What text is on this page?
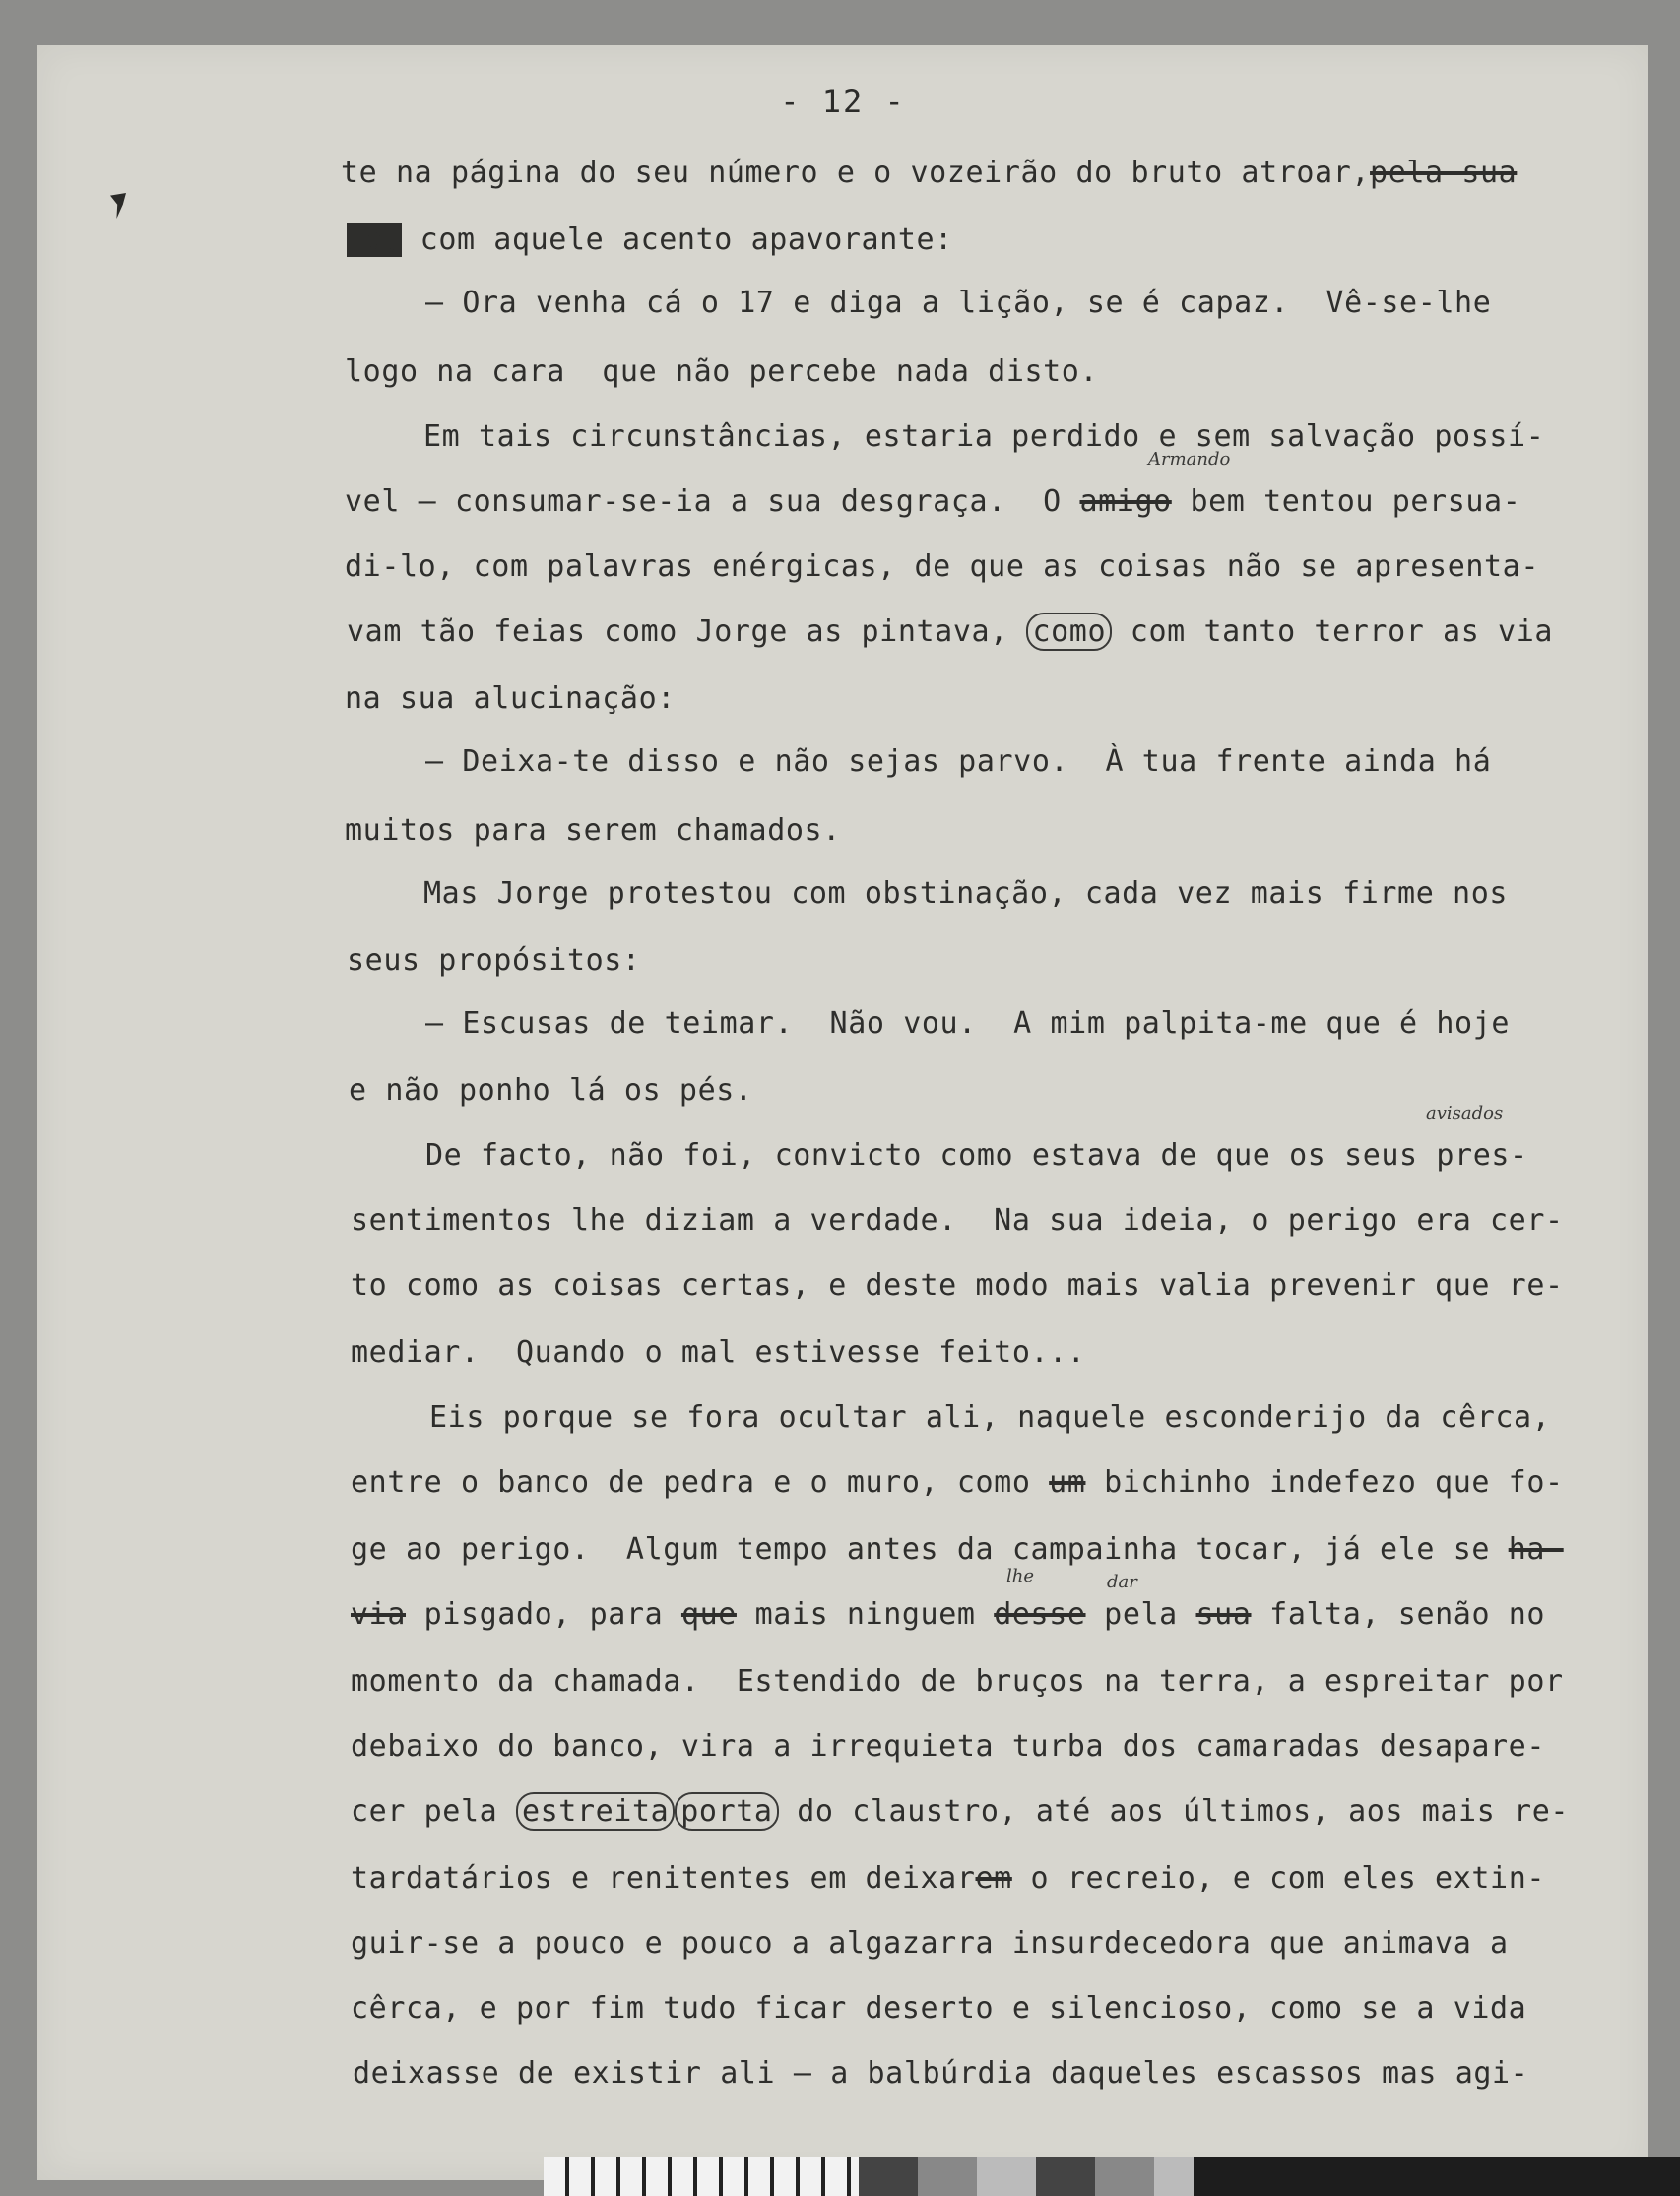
- 12 -
te na página do seu número e o vozeirão do bruto atroar,pela sua
la, com aquele acento apavorante:
— Ora venha cá o 17 e diga a lição, se é capaz.  Vê-se-lhe
logo na cara  que não percebe nada disto.
Em tais circunstâncias, estaria perdido e sem salvação possí-
Armando
vel — consumar-se-ia a sua desgraça.  O amigo bem tentou persua-
di-lo, com palavras enérgicas, de que as coisas não se apresenta-
vam tão feias como Jorge as pintava, como com tanto terror as via
na sua alucinação:
— Deixa-te disso e não sejas parvo.  À tua frente ainda há
muitos para serem chamados.
Mas Jorge protestou com obstinação, cada vez mais firme nos
seus propósitos:
— Escusas de teimar.  Não vou.  A mim palpita-me que é hoje
e não ponho lá os pés.
avisados
De facto, não foi, convicto como estava de que os seus pres-
sentimentos lhe diziam a verdade.  Na sua ideia, o perigo era cer-
to como as coisas certas, e deste modo mais valia prevenir que re-
mediar.  Quando o mal estivesse feito...
Eis porque se fora ocultar ali, naquele esconderijo da cêrca,
entre o banco de pedra e o muro, como um bichinho indefezo que fo-
ge ao perigo.  Algum tempo antes da campainha tocar, já ele se ha-
lhe	dar
via pisgado, para que mais ninguem desse pela sua falta, senão no
momento da chamada.  Estendido de bruços na terra, a espreitar por
debaixo do banco, vira a irrequieta turba dos camaradas desapare-
cer pela estreita porta do claustro, até aos últimos, aos mais re-
tardatários e renitentes em deixarem o recreio, e com eles extin-
guir-se a pouco e pouco a algazarra insurdecedora que animava a
cêrca, e por fim tudo ficar deserto e silencioso, como se a vida
deixasse de existir ali — a balbúrdia daqueles escassos mas agi-
